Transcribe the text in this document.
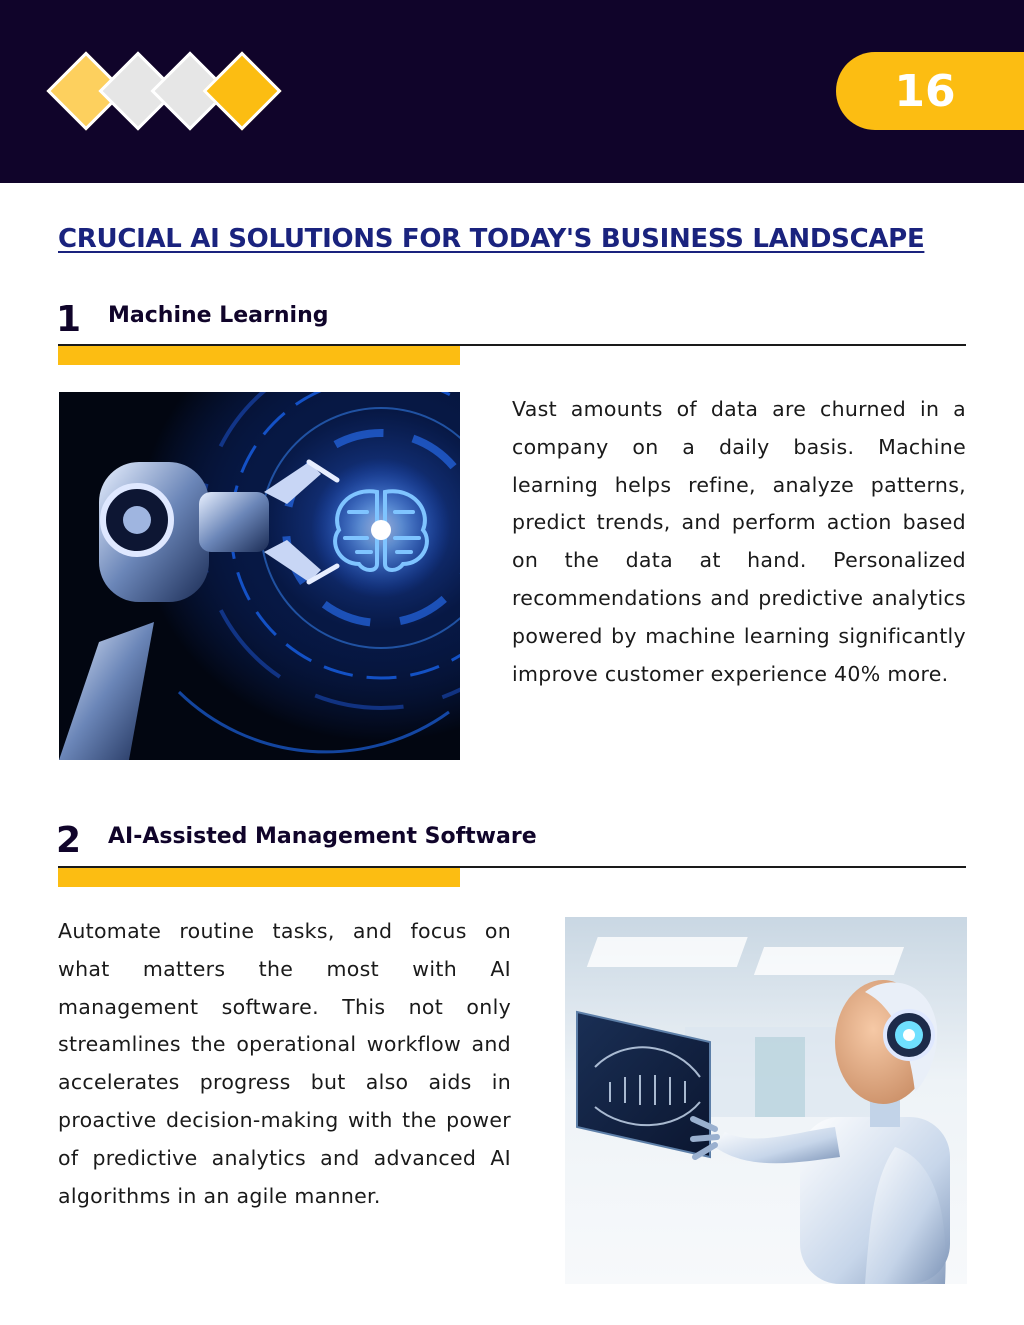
16
CRUCIAL AI SOLUTIONS FOR TODAY'S BUSINESS LANDSCAPE
1 Machine Learning

Vast amounts of data are churned in a company on a daily basis. Machine learning helps refine, analyze patterns, predict trends, and perform action based on the data at hand. Personalized recommendations and predictive analytics powered by machine learning significantly improve customer experience 40% more.

2 AI-Assisted Management Software

Automate routine tasks, and focus on what matters the most with AI management software. This not only streamlines the operational workflow and accelerates progress but also aids in proactive decision-making with the power of predictive analytics and advanced AI algorithms in an agile manner.
